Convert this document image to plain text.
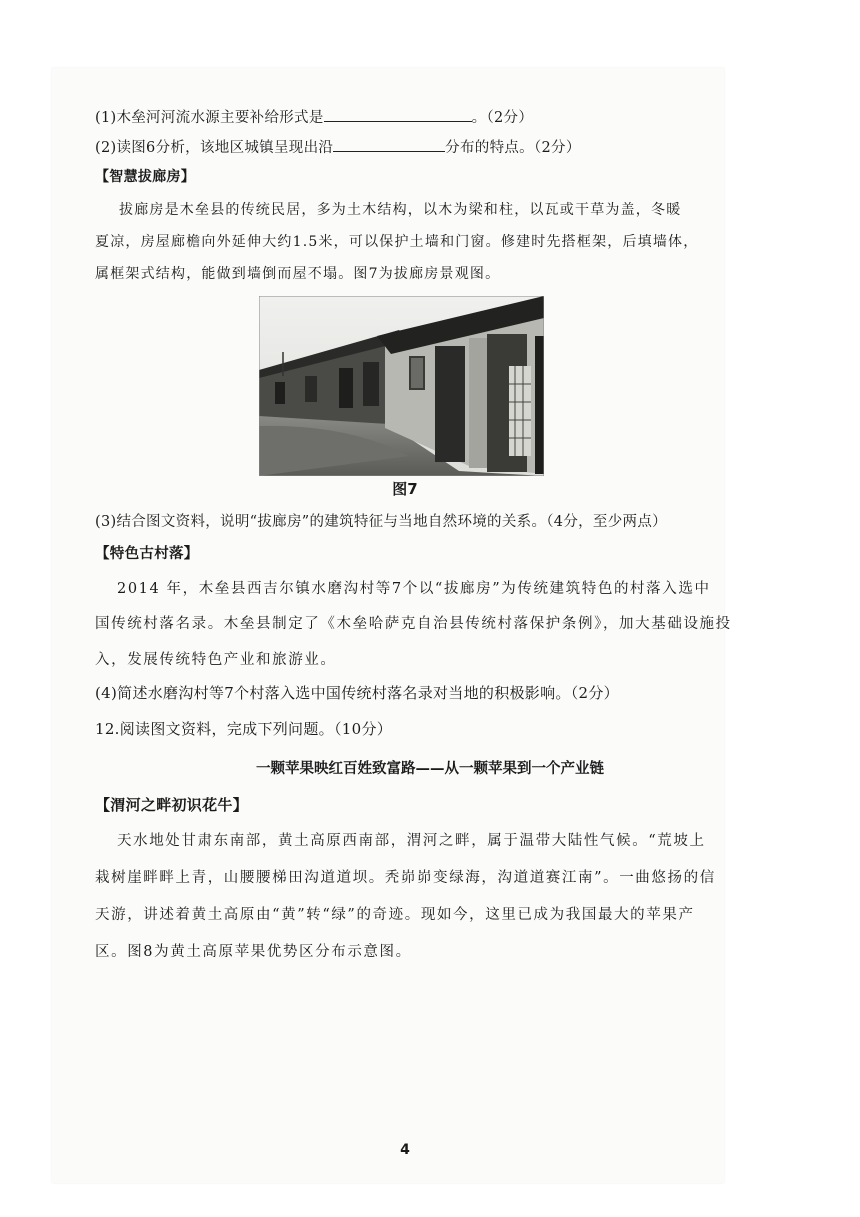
(1)木垒河河流水源主要补给形式是	。（2分）
(2)读图6分析，该地区城镇呈现出沿	分布的特点。（2分）
【智慧拔廊房】
拔廊房是木垒县的传统民居，多为土木结构，以木为梁和柱，以瓦或干草为盖，冬暖
夏凉，房屋廊檐向外延伸大约1.5米，可以保护土墙和门窗。修建时先搭框架，后填墙体，
属框架式结构，能做到墙倒而屋不塌。图7为拔廊房景观图。
图7
(3)结合图文资料，说明“拔廊房”的建筑特征与当地自然环境的关系。（4分，至少两点）
【特色古村落】
2014 年，木垒县西吉尔镇水磨沟村等7个以“拔廊房”为传统建筑特色的村落入选中
国传统村落名录。木垒县制定了《木垒哈萨克自治县传统村落保护条例》，加大基础设施投
入，发展传统特色产业和旅游业。
(4)简述水磨沟村等7个村落入选中国传统村落名录对当地的积极影响。（2分）
12.阅读图文资料，完成下列问题。（10分）
一颗苹果映红百姓致富路——从一颗苹果到一个产业链
【渭河之畔初识花牛】
天水地处甘肃东南部，黄土高原西南部，渭河之畔，属于温带大陆性气候。“荒坡上
栽树崖畔畔上青，山腰腰梯田沟道道坝。秃峁峁变绿海，沟道道赛江南”。一曲悠扬的信
天游，讲述着黄土高原由“黄”转“绿”的奇迹。现如今，这里已成为我国最大的苹果产
区。图8为黄土高原苹果优势区分布示意图。
4
